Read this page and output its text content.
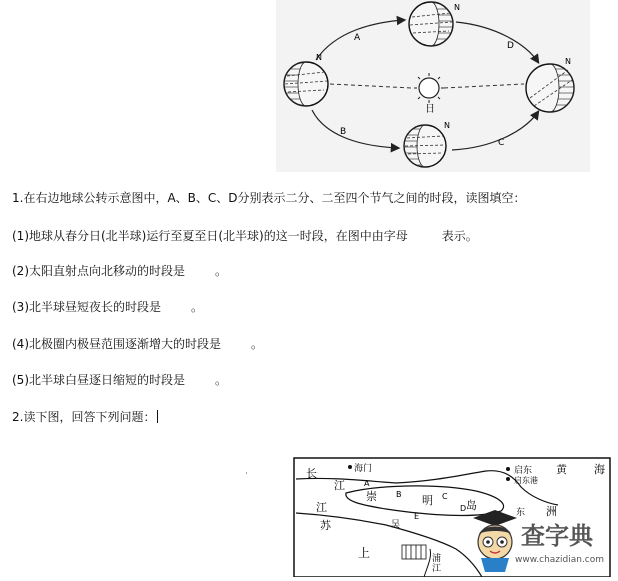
日
N
N	N
N
A
D
B
C
1.在右边地球公转示意图中，A、B、C、D分别表示二分、二至四个节气之间的时段，读图填空：
(1)地球从春分日(北半球)运行至夏至日(北半球)的这一时段，在图中由字母	表示。
(2)太阳直射点向北移动的时段是	。
(3)北半球昼短夜长的时段是	。
(4)北极圈内极昼范围逐渐增大的时段是	。
(5)北半球白昼逐日缩短的时段是	。
2.读下图，回答下列问题：
海门	启东
启东港
黄 海
长
江
崇	明	岛
江
苏
上
吴
洲
浦
江
东
A
B	C
D
E
查字典
www.chazidian.com
